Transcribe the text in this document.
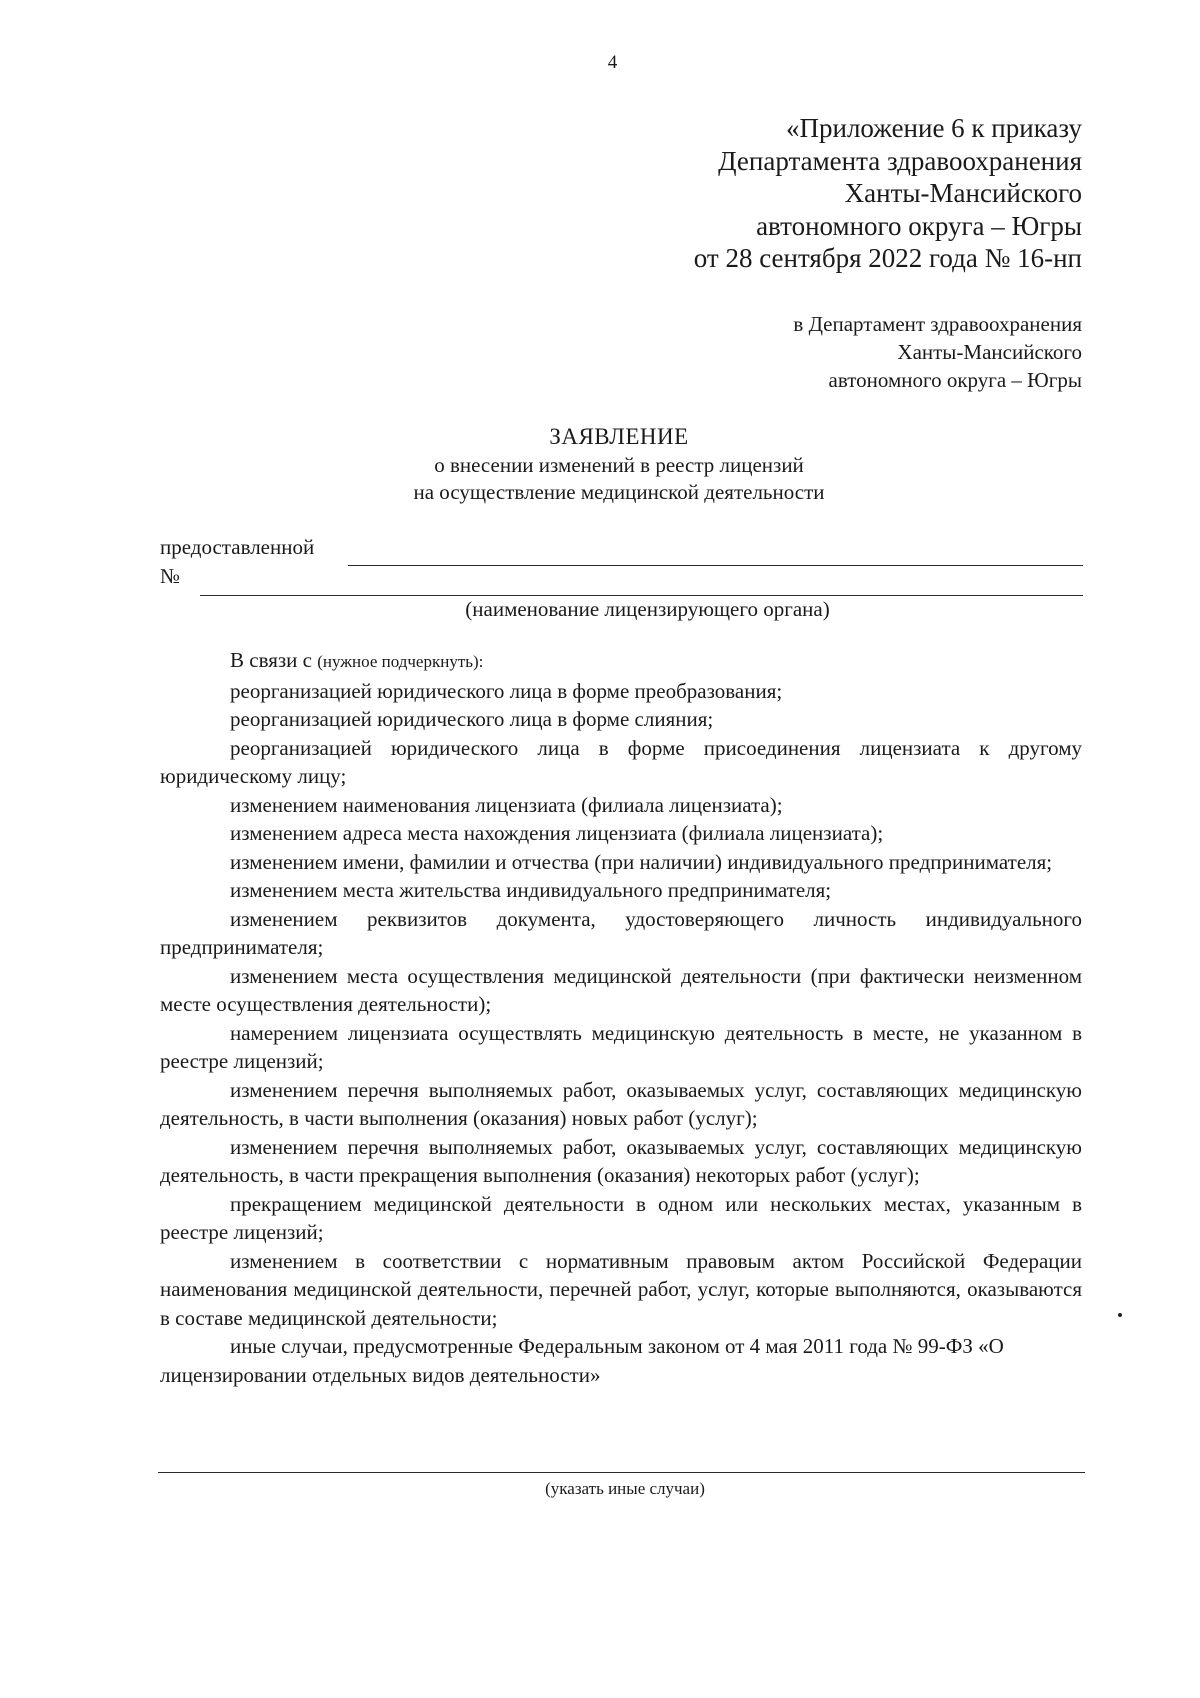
4
«Приложение 6 к приказу
Департамента здравоохранения
Ханты-Мансийского
автономного округа – Югры
от 28 сентября 2022 года № 16-нп
в Департамент здравоохранения
Ханты-Мансийского
автономного округа – Югры
ЗАЯВЛЕНИЕ
о внесении изменений в реестр лицензий
на осуществление медицинской деятельности
предоставленной
№
(наименование лицензирующего органа)

В связи с (нужное подчеркнуть):

реорганизацией юридического лица в форме преобразования;

реорганизацией юридического лица в форме слияния;

реорганизацией юридического лица в форме присоединения лицензиата к другому юридическому лицу;

изменением наименования лицензиата (филиала лицензиата);

изменением адреса места нахождения лицензиата (филиала лицензиата);

изменением имени, фамилии и отчества (при наличии) индивидуального предпринимателя;

изменением места жительства индивидуального предпринимателя;

изменением реквизитов документа, удостоверяющего личность индивидуального предпринимателя;

изменением места осуществления медицинской деятельности (при фактически неизменном месте осуществления деятельности);

намерением лицензиата осуществлять медицинскую деятельность в месте, не указанном в реестре лицензий;

изменением перечня выполняемых работ, оказываемых услуг, составляющих медицинскую деятельность, в части выполнения (оказания) новых работ (услуг);

изменением перечня выполняемых работ, оказываемых услуг, составляющих медицинскую деятельность, в части прекращения выполнения (оказания) некоторых работ (услуг);

прекращением медицинской деятельности в одном или нескольких местах, указанным в реестре лицензий;

изменением в соответствии с нормативным правовым актом Российской Федерации наименования медицинской деятельности, перечней работ, услуг, которые выполняются, оказываются в составе медицинской деятельности;

иные случаи, предусмотренные Федеральным законом от 4 мая 2011 года № 99-ФЗ «О лицензировании отдельных видов деятельности»

(указать иные случаи)
